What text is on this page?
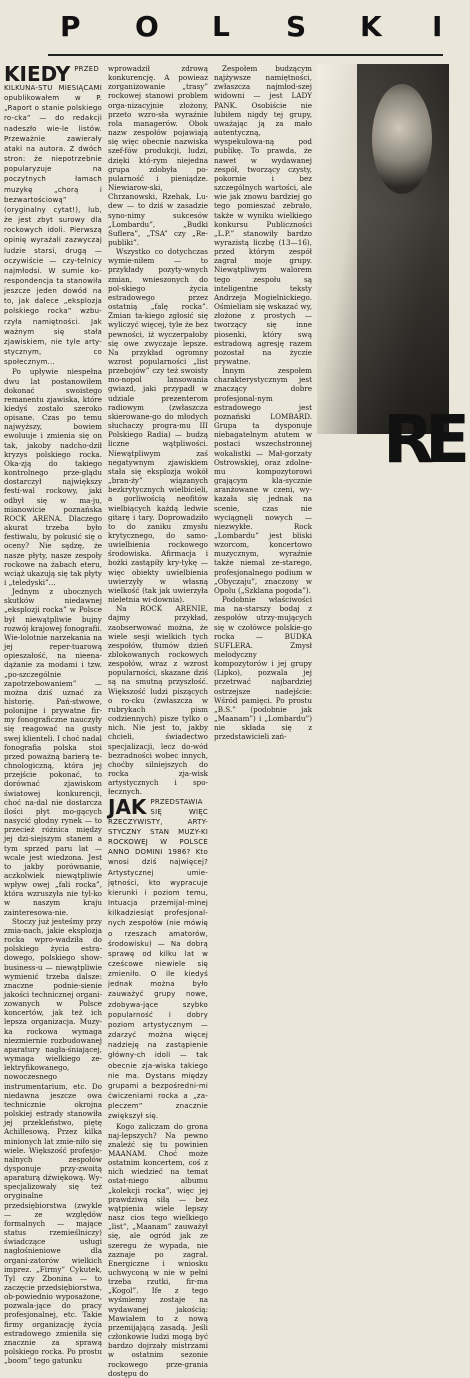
P O L S K I

KIEDY PRZED KILKUNA-STU MIESIĄCAMI opublikowałem w P. „Raport o stanie polskiego ro-cka” — do redakcji nadeszło wie-le listów. Przeważnie zawierały ataki na autora. Z dwóch stron: że niepotrzebnie popularyzuje na poczytnych łamach muzykę „chorą i bezwartościową” (oryginalny cytat!), lub, że jest zbyt surowy dla rockowych idoli. Pierwszą opinię wyrażali zazwyczaj ludzie starsi, drugą — oczywiście — czy-telnicy najmłodsi. W sumie ko-respondencja ta stanowiła jeszcze jeden dowód na to, jak dalece „eksplozja polskiego rocka” wzbu-rzyła namiętności. Jak ważnym się stała zjawiskiem, nie tyle arty-stycznym, co społecznym...

Po upływie niespełna dwu lat postanowiłem dokonać swoistego remanentu zjawiska, które kiedyś zostało szeroko opisane. Czas po temu najwyższy, bowiem ewoluuje i zmienia się on tak, jakoby nadcho-dził kryzys polskiego rocka. Oka-zją do takiego kontrolnego prze-glądu dostarczył największy festi-wal rockowy, jaki odbył się w ma-ju, mianowicie poznańska ROCK ARENA. Dlaczego akurat trzeba było festiwalu, by pokusić się o oceny? Nie sądzę, że nasze płyty, nasze zespoły rockowe na żabach eteru, wciąż ukazują się tak płyty i „teledyski”...

Jednym z ubocznych skutków niedawnej „eksplozji rocka” w Polsce był niewątpliwie bujny rozwój krajowej fonografii. Wie-lolotnie narzekania na jej reper-tuarową opieszałość, na nieena-dążanie za modami i tzw. „po-szczególnie zapotrzebowaniem” — można dziś uznać za historię. Pań-stwowe, polonijne i prywatne fir-my fonograficzne nauczyły się reagować na gusty swej klienteli. I choć nadal fonografia polska stoi przed poważną barierą te-chnologiczną, która jej przejście pokonać, to dorównać zjawiskom światowej konkurencji, choć na-dal nie dostarcza ilości płyt mo-gących nasycić głodny rynek — to przecież różnica między jej dzi-siejszym stanem a tym sprzed paru lat — wcale jest wiedzona. Jest to jakby porównanie, aczkolwiek niewątpliwie wpływ owej „fali rocka”, która wzruszyła nie tyl-ko w naszym kraju zainteresowa-nie.

Stoczy już jesteśmy przy zmia-nach, jakie eksplozja rocka wpro-wadziła do polskiego życia estra-dowego, polskiego show-business-u — niewątpliwie wymienić trzeba dalsze: znaczne podnie-sienie jakości technicznej organi-zowanych w Polsce koncertów, jak też ich lepsza organizacja. Muzy-ka rockowa wymaga niezmiernie rozbudowanej aparatury nagła-śniającej, wymaga wielkiego ze-lektryfikowanego, nowoczesnego instrumentarium, etc. Do niedawna jeszcze owa technicznie okrojna polskiej estrady stanowiła jej przekleństwo, piętę Achillesową. Przez kilka minionych lat zmie-niło się wiele. Większość profesjo-nalnych zespołów dysponuje przy-zwoitą aparaturą dźwiękową. Wy-specjalizowały się też oryginalne przedsiębiorstwa (zwykle — ze względów formalnych — mające status rzemieślniczy) świadczące usługi nagłośnieniowe dla organi-zatorów wielkich imprez. „Firmy” Cykutek, Tyl czy Zbonina — to zaczęcie przedsiębiorstwa, ob-powiednio wyposażone, pozwala-jące do pracy profesjonalnej, etc. Takie firmy organizację życia estradowego zmieniła się znacznie za sprawą polskiego rocka. Po prostu „boom” tego gatunku

wprowadził zdrową konkurencję. A powieaz zorganizowanie „trasy” rockowej stanowi problem orga-nizacyjnie złożony, przeto wzro-sła wyraźnie rola managerów. Obok nazw zespołów pojawiają się więc obecnie nazwiska szef-fów produkcji, ludzi, dzięki któ-rym niejedna grupa zdobyła po-pularność i pieniądze. Niewiarow-ski, Chrzanowski, Rzehak, Lu-dew — to dziś w zasadzie syno-nimy sukcesów „Lombardu”, „Budki Suflera”, „TSA” czy „Re-publiki”.

Wszystko co dotychczas wymie-niłem — to przykłady pozyty-wnych zmian, wnieszonych do pol-skiego życia estradowego przez ostatnią „falę rocka”. Zmian ta-kiego zgłosić się wyliczyć więcej, tyle że bez pewności, iż wyczerpałoby się owe zwyczaje lepsze. Na przykład ogromny wzrost popularności „list przebojów” czy też swoisty mo-nopol lansowania gwiazd, jaki przypadł w udziale prezenterom radiowym (zwłaszcza skierowane-go do młodych słuchaczy progra-mu III Polskiego Radia) — budzą liczne wątpliwości. Niewątpliwym zaś negatywnym zjawiskiem stała się eksplozja wokół „bran-ży” wiązanych bezkrytycznych wielbicieli, a gorliwością neofitów wielbiących każdą ledwie gitarę i tary. Doprowadziło to do zaniku zmysłu krytycznego, do samo-uwielbienia rockowego środowiska. Afirmacja i bożki zastąpiły kry-tykę — więc obiekty uwielbienia uwierzyły w własną wielkość (tak jak uwierzyła nieletnia wi-downia).

Na ROCK ARENIE, dajmy przykład, zaobserwować można, że wiele sesji wielkich tych zespołów, tłumów dzień zblokowanych rockowych zespołów, wraz z wzrost popularności, skazane dziś są na smutną przyszłość. Większość ludzi piszących o ro-cku (zwłaszcza w rubrykach pism codziennych) pisze tylko o nich. Nie jest to, jakby chcieli, świadectwo specjalizacji, lecz do-wód bezradności wobec innych, choćby silniejszych do rocka zja-wisk artystycznych i spo-łecznych.

JAK PRZEDSTAWIA SIĘ WIĘC RZECZYWISTY, ARTY-STYCZNY STAN MUZY-KI ROCKOWEJ W POLSCE ANNO DOMINI 1986? Kto wnosi dziś najwięcej? Artystycznej umie-jętności, kto wypracuje kierunki i poziom temu, Intuacja przemijal-minej kilkadziesiąt profesjonal-nych zespołów (nie mówię o rzeszach amatorów, środowisku) — Na dobrą sprawę od kilku lat w cześcowe niewiele się zmieniło. O ile kiedyś jednak można było zauważyć grupy nowe, zdobywa-jące szybko popularność i dobry poziom artystycznym — zdarzyć można więcej nadzieję na zastąpienie główny-ch idoli — tak obecnie zja-wiska takiego nie ma. Dystans między grupami a bezpośredni-mi ćwiczeniami rocka a „za-pleczem” znacznie zwiększył się.

Kogo zaliczam do grona naj-lepszych? Na pewno znaleźć się tu powinien MAANAM. Choć może ostatnim koncertem, coś z nich wiedzieć na temat ostat-niego albumu „kolekcji rocka”, więc jej prawdziwą siłą — bez wątpienia wiele lepszy nasz cios tego wielkiego „list”, „Maanam” zauważył się, ale ogród jak ze szeregu że wypada, nie zaznaje po zagrał. Energiczne i wniosku uchwyconą w nie w pełni trzeba rzutki, fir-ma „Kogol”. Ife z tego wyśmiemy zostaje na wydawanej jakością: Mawiałem to z nową przemijającą zasadą. Jeśli członkowie ludzi mogą być bardzo dojrzały mistrzami w ostatnim sezonie rockowego prze-grania dostępu do

Zespołem budzącym najżywsze namiętności, zwłaszcza najmłod-szej widowni — jest LADY PANK. Osobiście nie lubiłem nigdy tej grupy, uważając ją za mało autentyczną, wyspekulowa-ną pod publikę. To prawda, że nawet w wydawanej zespół, tworzący czysty, pokornie i bez szczególnych wartości, ale wie jak znowu bardziej go tego pomieszać zebrało, także w wyniku wielkiego konkursu Publiczności „L.P.” stanowiły bardzo wyrazistą liczbę (13—16), przed którym zespół zagrał moje grupy. Niewątpliwym walorem tego zespołu są inteligentne teksty Andrzeja Mogielnickiego. Ośmieliam się wskazać wy, złożone z prostych — tworzący się inne piosenki, który swą estradową agresję razem pozostał na życzie prywatne.

Innym zespołem charakterystycznym jest znaczący dobre profesjonal-nym estradowego jest poznański LOMBARD. Grupa ta dysponuje niebagatelnym atutem w postaci wszechstronnej wokalistki — Mał-gorzaty Ostrowskiej, oraz zdolne-mu kompozytorowi grającym kla-sycznie aranżowane w czeni, wy-kazała się jednak na scenie, czas nie wyciągnęli nowych — niezwykłe. Rock „Lombardu” jest bliski wzorcom, koncertowo muzycznym, wyraźnie także niemal ze-starego, profesjonalnego podium w „Obyczaju”, znaczony w Opolu („Szklana pogoda”).

Podobnie właściwości ma na-starszy bodaj z zespołów utrzy-mujących się w czołówce polskie-go rocka — BUDKA SUFLERA. Zmysł melodyczny kompozytorów i jej grupy (Lipko), pozwala jej przetrwać najbardziej ostrzejsze nadejście: Wśród pamięci. Po prostu „B.S.” (podobnie jak „Maanam”) i „Lombardu”) nie składa się z przedstawicieli zań-

R
E
